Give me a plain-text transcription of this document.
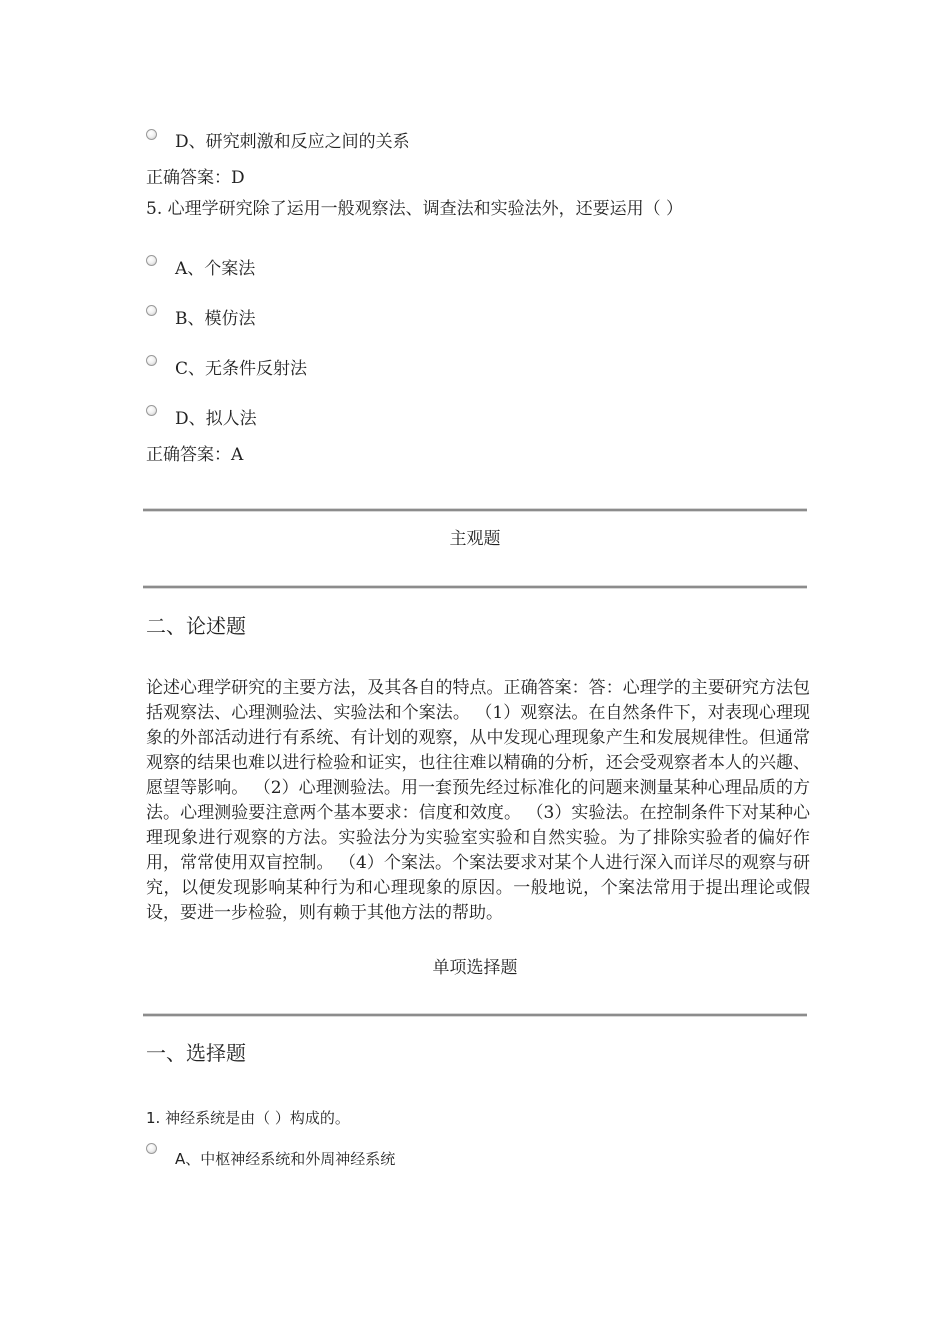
D、研究刺激和反应之间的关系
正确答案：D
5. 心理学研究除了运用一般观察法、调查法和实验法外，还要运用（ ）
A、个案法
B、模仿法
C、无条件反射法
D、拟人法
正确答案：A
主观题
二、论述题
论述心理学研究的主要方法，及其各自的特点。正确答案：答：心理学的主要研究方法包括观察法、心理测验法、实验法和个案法。 （1）观察法。在自然条件下，对表现心理现象的外部活动进行有系统、有计划的观察，从中发现心理现象产生和发展规律性。但通常观察的结果也难以进行检验和证实，也往往难以精确的分析，还会受观察者本人的兴趣、愿望等影响。 （2）心理测验法。用一套预先经过标准化的问题来测量某种心理品质的方法。心理测验要注意两个基本要求：信度和效度。 （3）实验法。在控制条件下对某种心理现象进行观察的方法。实验法分为实验室实验和自然实验。为了排除实验者的偏好作用，常常使用双盲控制。 （4）个案法。个案法要求对某个人进行深入而详尽的观察与研究，以便发现影响某种行为和心理现象的原因。一般地说，个案法常用于提出理论或假设，要进一步检验，则有赖于其他方法的帮助。
单项选择题
一、选择题
1. 神经系统是由（ ）构成的。
A、中枢神经系统和外周神经系统
